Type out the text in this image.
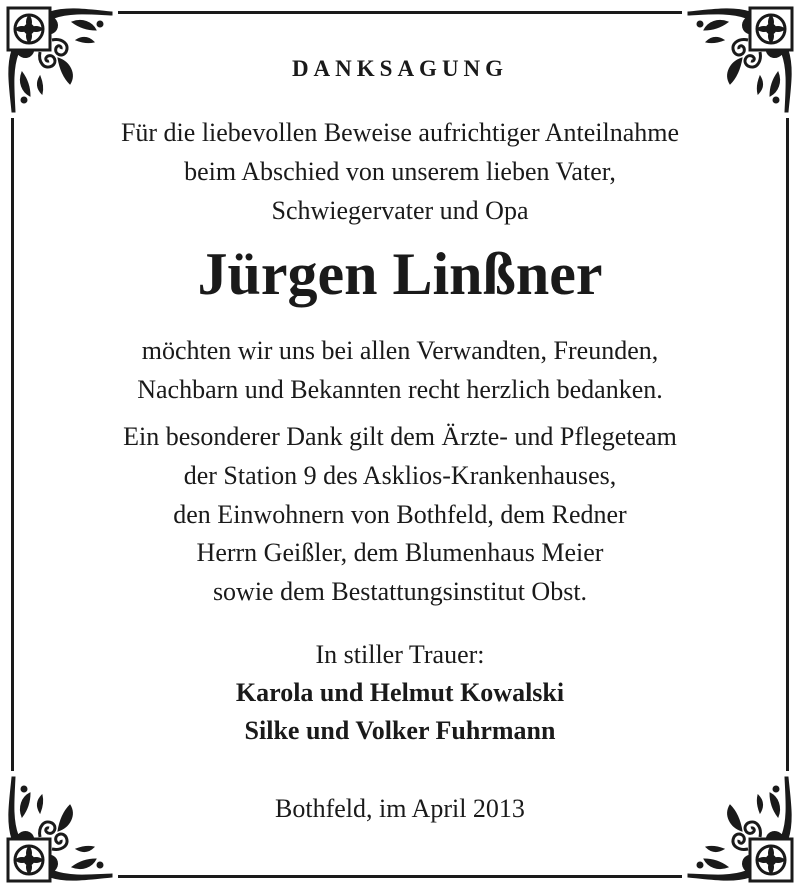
DANKSAGUNG
Für die liebevollen Beweise aufrichtiger Anteilnahme
beim Abschied von unserem lieben Vater,
Schwiegervater und Opa
Jürgen Linßner
möchten wir uns bei allen Verwandten, Freunden,
Nachbarn und Bekannten recht herzlich bedanken.
Ein besonderer Dank gilt dem Ärzte- und Pflegeteam
der Station 9 des Asklios-Krankenhauses,
den Einwohnern von Bothfeld, dem Redner
Herrn Geißler, dem Blumenhaus Meier
sowie dem Bestattungsinstitut Obst.
In stiller Trauer:
Karola und Helmut Kowalski
Silke und Volker Fuhrmann
Bothfeld, im April 2013
